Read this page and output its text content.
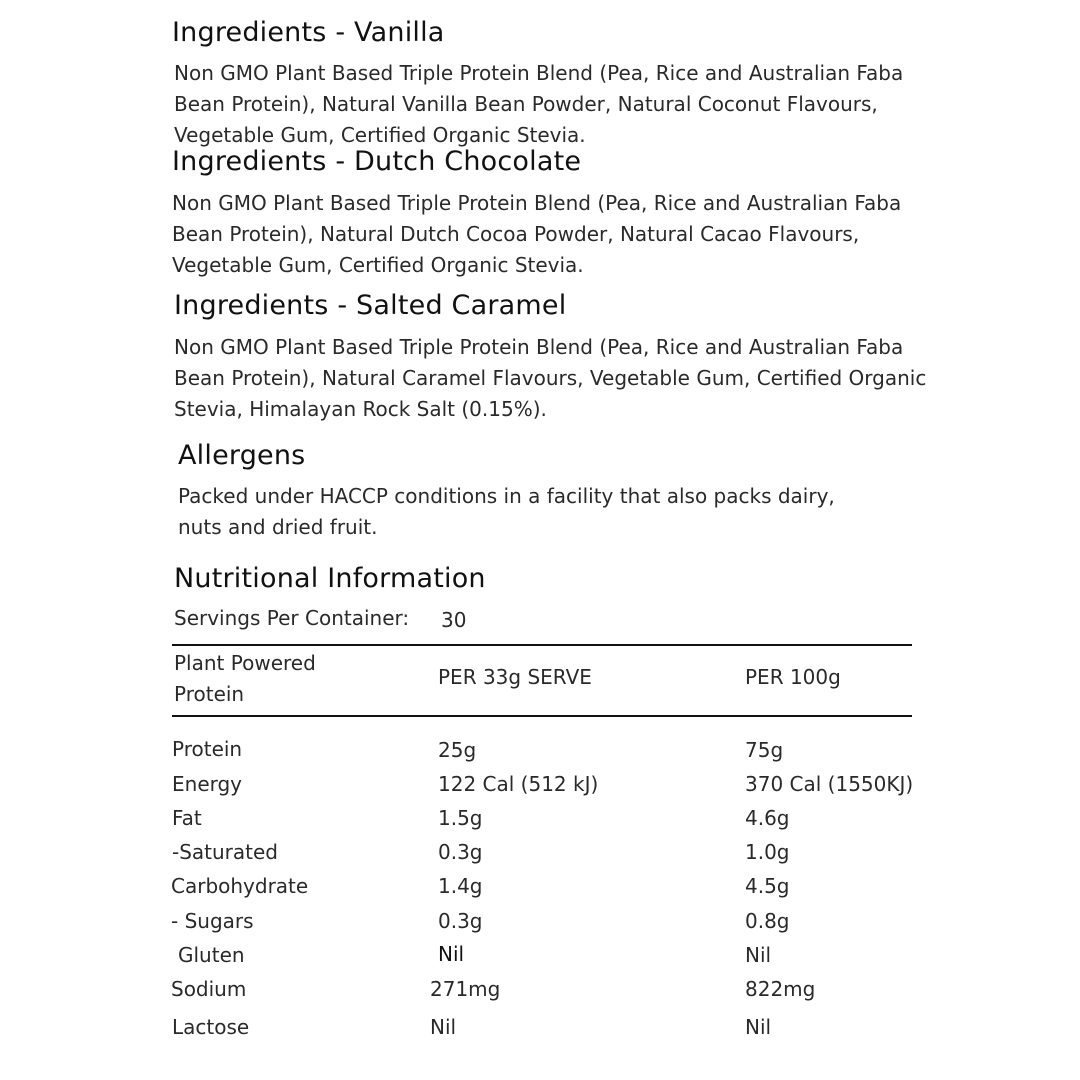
Ingredients - Vanilla
Non GMO Plant Based Triple Protein Blend (Pea, Rice and Australian Faba
Bean Protein), Natural Vanilla Bean Powder, Natural Coconut Flavours,
Vegetable Gum, Certified Organic Stevia.
Ingredients - Dutch Chocolate
Non GMO Plant Based Triple Protein Blend (Pea, Rice and Australian Faba
Bean Protein), Natural Dutch Cocoa Powder, Natural Cacao Flavours,
Vegetable Gum, Certified Organic Stevia.
Ingredients - Salted Caramel
Non GMO Plant Based Triple Protein Blend (Pea, Rice and Australian Faba
Bean Protein), Natural Caramel Flavours, Vegetable Gum, Certified Organic
Stevia, Himalayan Rock Salt (0.15%).
Allergens
Packed under HACCP conditions in a facility that also packs dairy,
nuts and dried fruit.
Nutritional Information
Servings Per Container: 30
Plant Powered
Protein
PER 33g SERVE	PER 100g
Protein	25g	75g
Energy	122 Cal (512 kJ)	370 Cal (1550KJ)
Fat	1.5g	4.6g
-Saturated	0.3g	1.0g
Carbohydrate	1.4g	4.5g
- Sugars	0.3g	0.8g
Gluten	Nil	Nil
Sodium	271mg	822mg
Lactose	Nil	Nil
